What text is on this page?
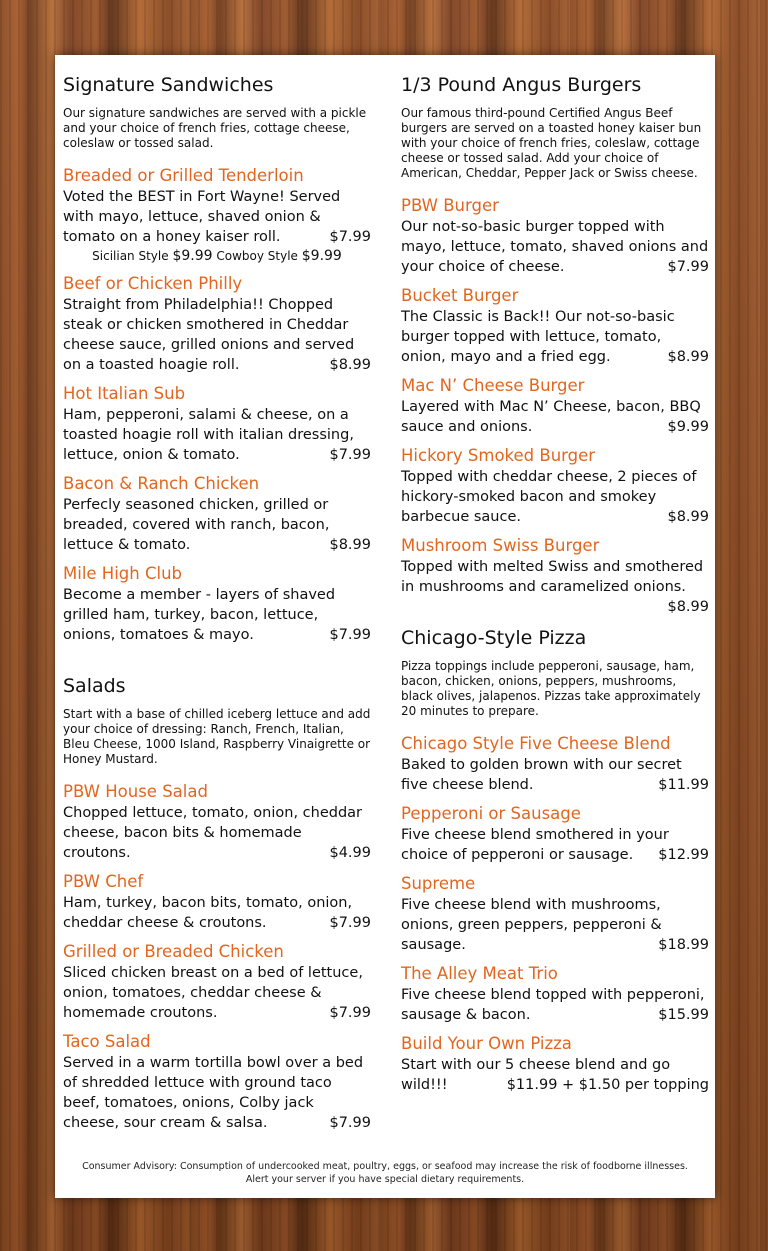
Signature Sandwiches

Our signature sandwiches are served with a pickle and your choice of french fries, cottage cheese, coleslaw or tossed salad.

Breaded or Grilled Tenderloin
Voted the BEST in Fort Wayne! Served with mayo, lettuce, shaved onion & tomato on a honey kaiser roll.	$7.99
Sicilian Style $9.99 Cowboy Style $9.99
Beef or Chicken Philly
Straight from Philadelphia!! Chopped steak or chicken smothered in Cheddar cheese sauce, grilled onions and served on a toasted hoagie roll.	$8.99
Hot Italian Sub
Ham, pepperoni, salami & cheese, on a toasted hoagie roll with italian dressing, lettuce, onion & tomato.	$7.99
Bacon & Ranch Chicken
Perfecly seasoned chicken, grilled or breaded, covered with ranch, bacon, lettuce & tomato.	$8.99
Mile High Club
Become a member - layers of shaved grilled ham, turkey, bacon, lettuce, onions, tomatoes & mayo.	$7.99
Salads

Start with a base of chilled iceberg lettuce and add your choice of dressing: Ranch, French, Italian, Bleu Cheese, 1000 Island, Raspberry Vinaigrette or Honey Mustard.

PBW House Salad
Chopped lettuce, tomato, onion, cheddar cheese, bacon bits & homemade croutons.	$4.99
PBW Chef
Ham, turkey, bacon bits, tomato, onion, cheddar cheese & croutons.	$7.99
Grilled or Breaded Chicken
Sliced chicken breast on a bed of lettuce, onion, tomatoes, cheddar cheese & homemade croutons.	$7.99
Taco Salad
Served in a warm tortilla bowl over a bed of shredded lettuce with ground taco beef, tomatoes, onions, Colby jack cheese, sour cream & salsa.	$7.99
1/3 Pound Angus Burgers

Our famous third-pound Certified Angus Beef burgers are served on a toasted honey kaiser bun with your choice of french fries, coleslaw, cottage cheese or tossed salad. Add your choice of American, Cheddar, Pepper Jack or Swiss cheese.

PBW Burger
Our not-so-basic burger topped with mayo, lettuce, tomato, shaved onions and your choice of cheese.	$7.99
Bucket Burger
The Classic is Back!! Our not-so-basic burger topped with lettuce, tomato, onion, mayo and a fried egg.	$8.99
Mac N’ Cheese Burger
Layered with Mac N’ Cheese, bacon, BBQ sauce and onions.	$9.99
Hickory Smoked Burger
Topped with cheddar cheese, 2 pieces of hickory-smoked bacon and smokey barbecue sauce.	$8.99
Mushroom Swiss Burger
Topped with melted Swiss and smothered in mushrooms and caramelized onions.
$8.99
Chicago-Style Pizza

Pizza toppings include pepperoni, sausage, ham, bacon, chicken, onions, peppers, mushrooms, black olives, jalapenos. Pizzas take approximately 20 minutes to prepare.

Chicago Style Five Cheese Blend
Baked to golden brown with our secret five cheese blend.	$11.99
Pepperoni or Sausage
Five cheese blend smothered in your choice of pepperoni or sausage. $12.99
Supreme
Five cheese blend with mushrooms, onions, green peppers, pepperoni & sausage.	$18.99
The Alley Meat Trio
Five cheese blend topped with pepperoni, sausage & bacon.	$15.99
Build Your Own Pizza
Start with our 5 cheese blend and go wild!!!	$11.99 + $1.50 per topping
Consumer Advisory: Consumption of undercooked meat, poultry, eggs, or seafood may increase the risk of foodborne illnesses.
Alert your server if you have special dietary requirements.
